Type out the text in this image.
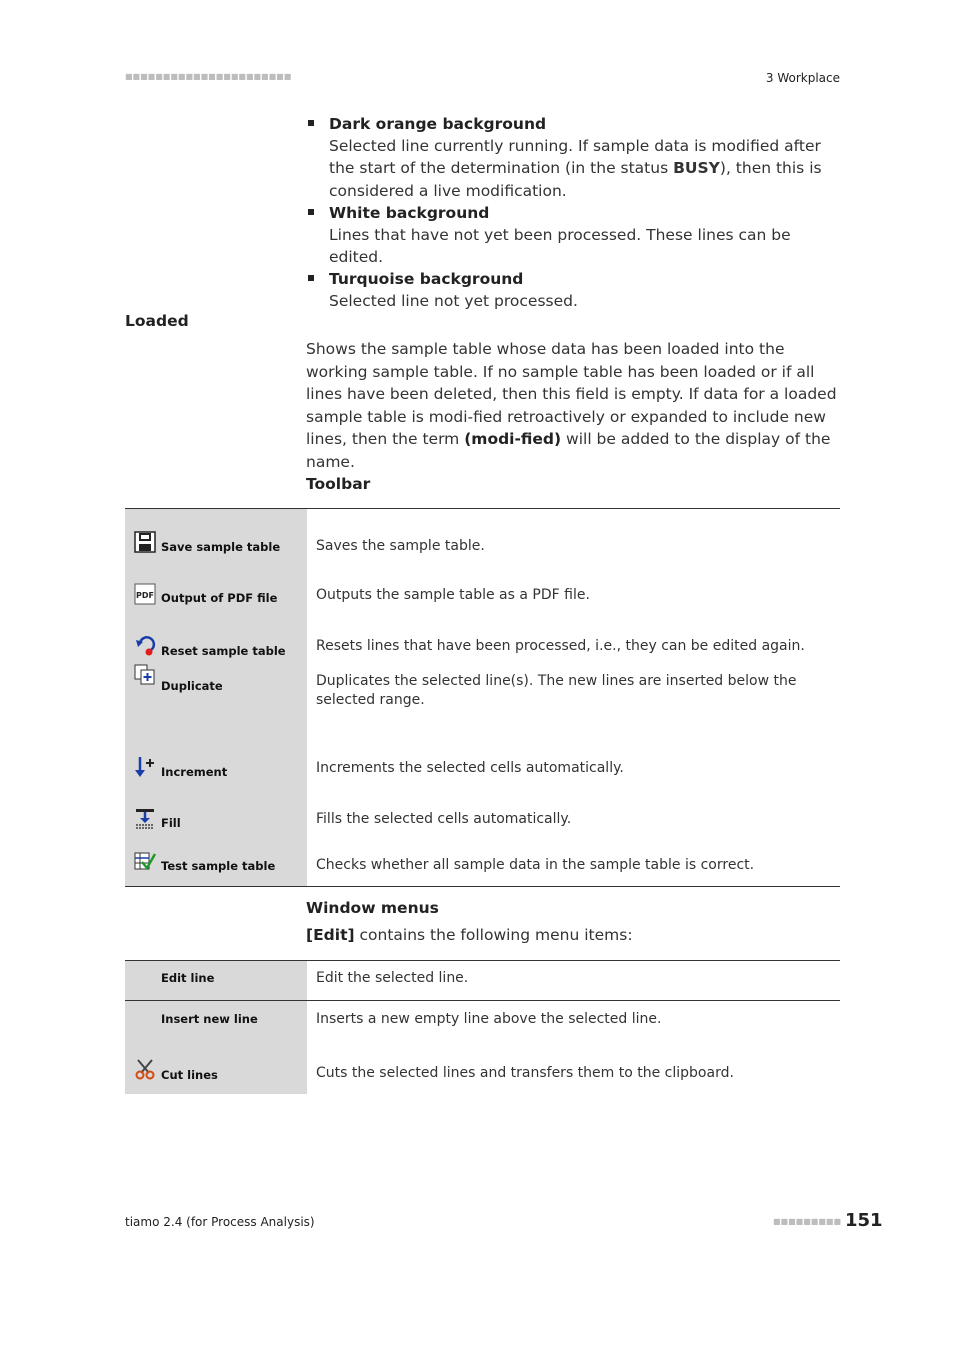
■■■■■■■■■■■■■■■■■■■■■■	3 Workplace
Dark orange background
Selected line currently running. If sample data is modified after the start of the determination (in the status BUSY), then this is considered a live modification.
White background
Lines that have not yet been processed. These lines can be edited.
Turquoise background
Selected line not yet processed.
Loaded
Shows the sample table whose data has been loaded into the working sample table. If no sample table has been loaded or if all lines have been deleted, then this field is empty. If data for a loaded sample table is modi-fied retroactively or expanded to include new lines, then the term (modi-fied) will be added to the display of the name.
Toolbar
Save sample table	Saves the sample table.

PDF Output of PDF file	Outputs the sample table as a PDF file.

Reset sample table	Resets lines that have been processed, i.e., they can be edited again.

Duplicate	Duplicates the selected line(s). The new lines are inserted below the selected range.

Increment	Increments the selected cells automatically.

Fill	Fills the selected cells automatically.

Test sample table	Checks whether all sample data in the sample table is correct.
Window menus
[Edit] contains the following menu items:
Edit line	Edit the selected line.

Insert new line	Inserts a new empty line above the selected line.

Cut lines	Cuts the selected lines and transfers them to the clipboard.
tiamo 2.4 (for Process Analysis)	■■■■■■■■■ 151
